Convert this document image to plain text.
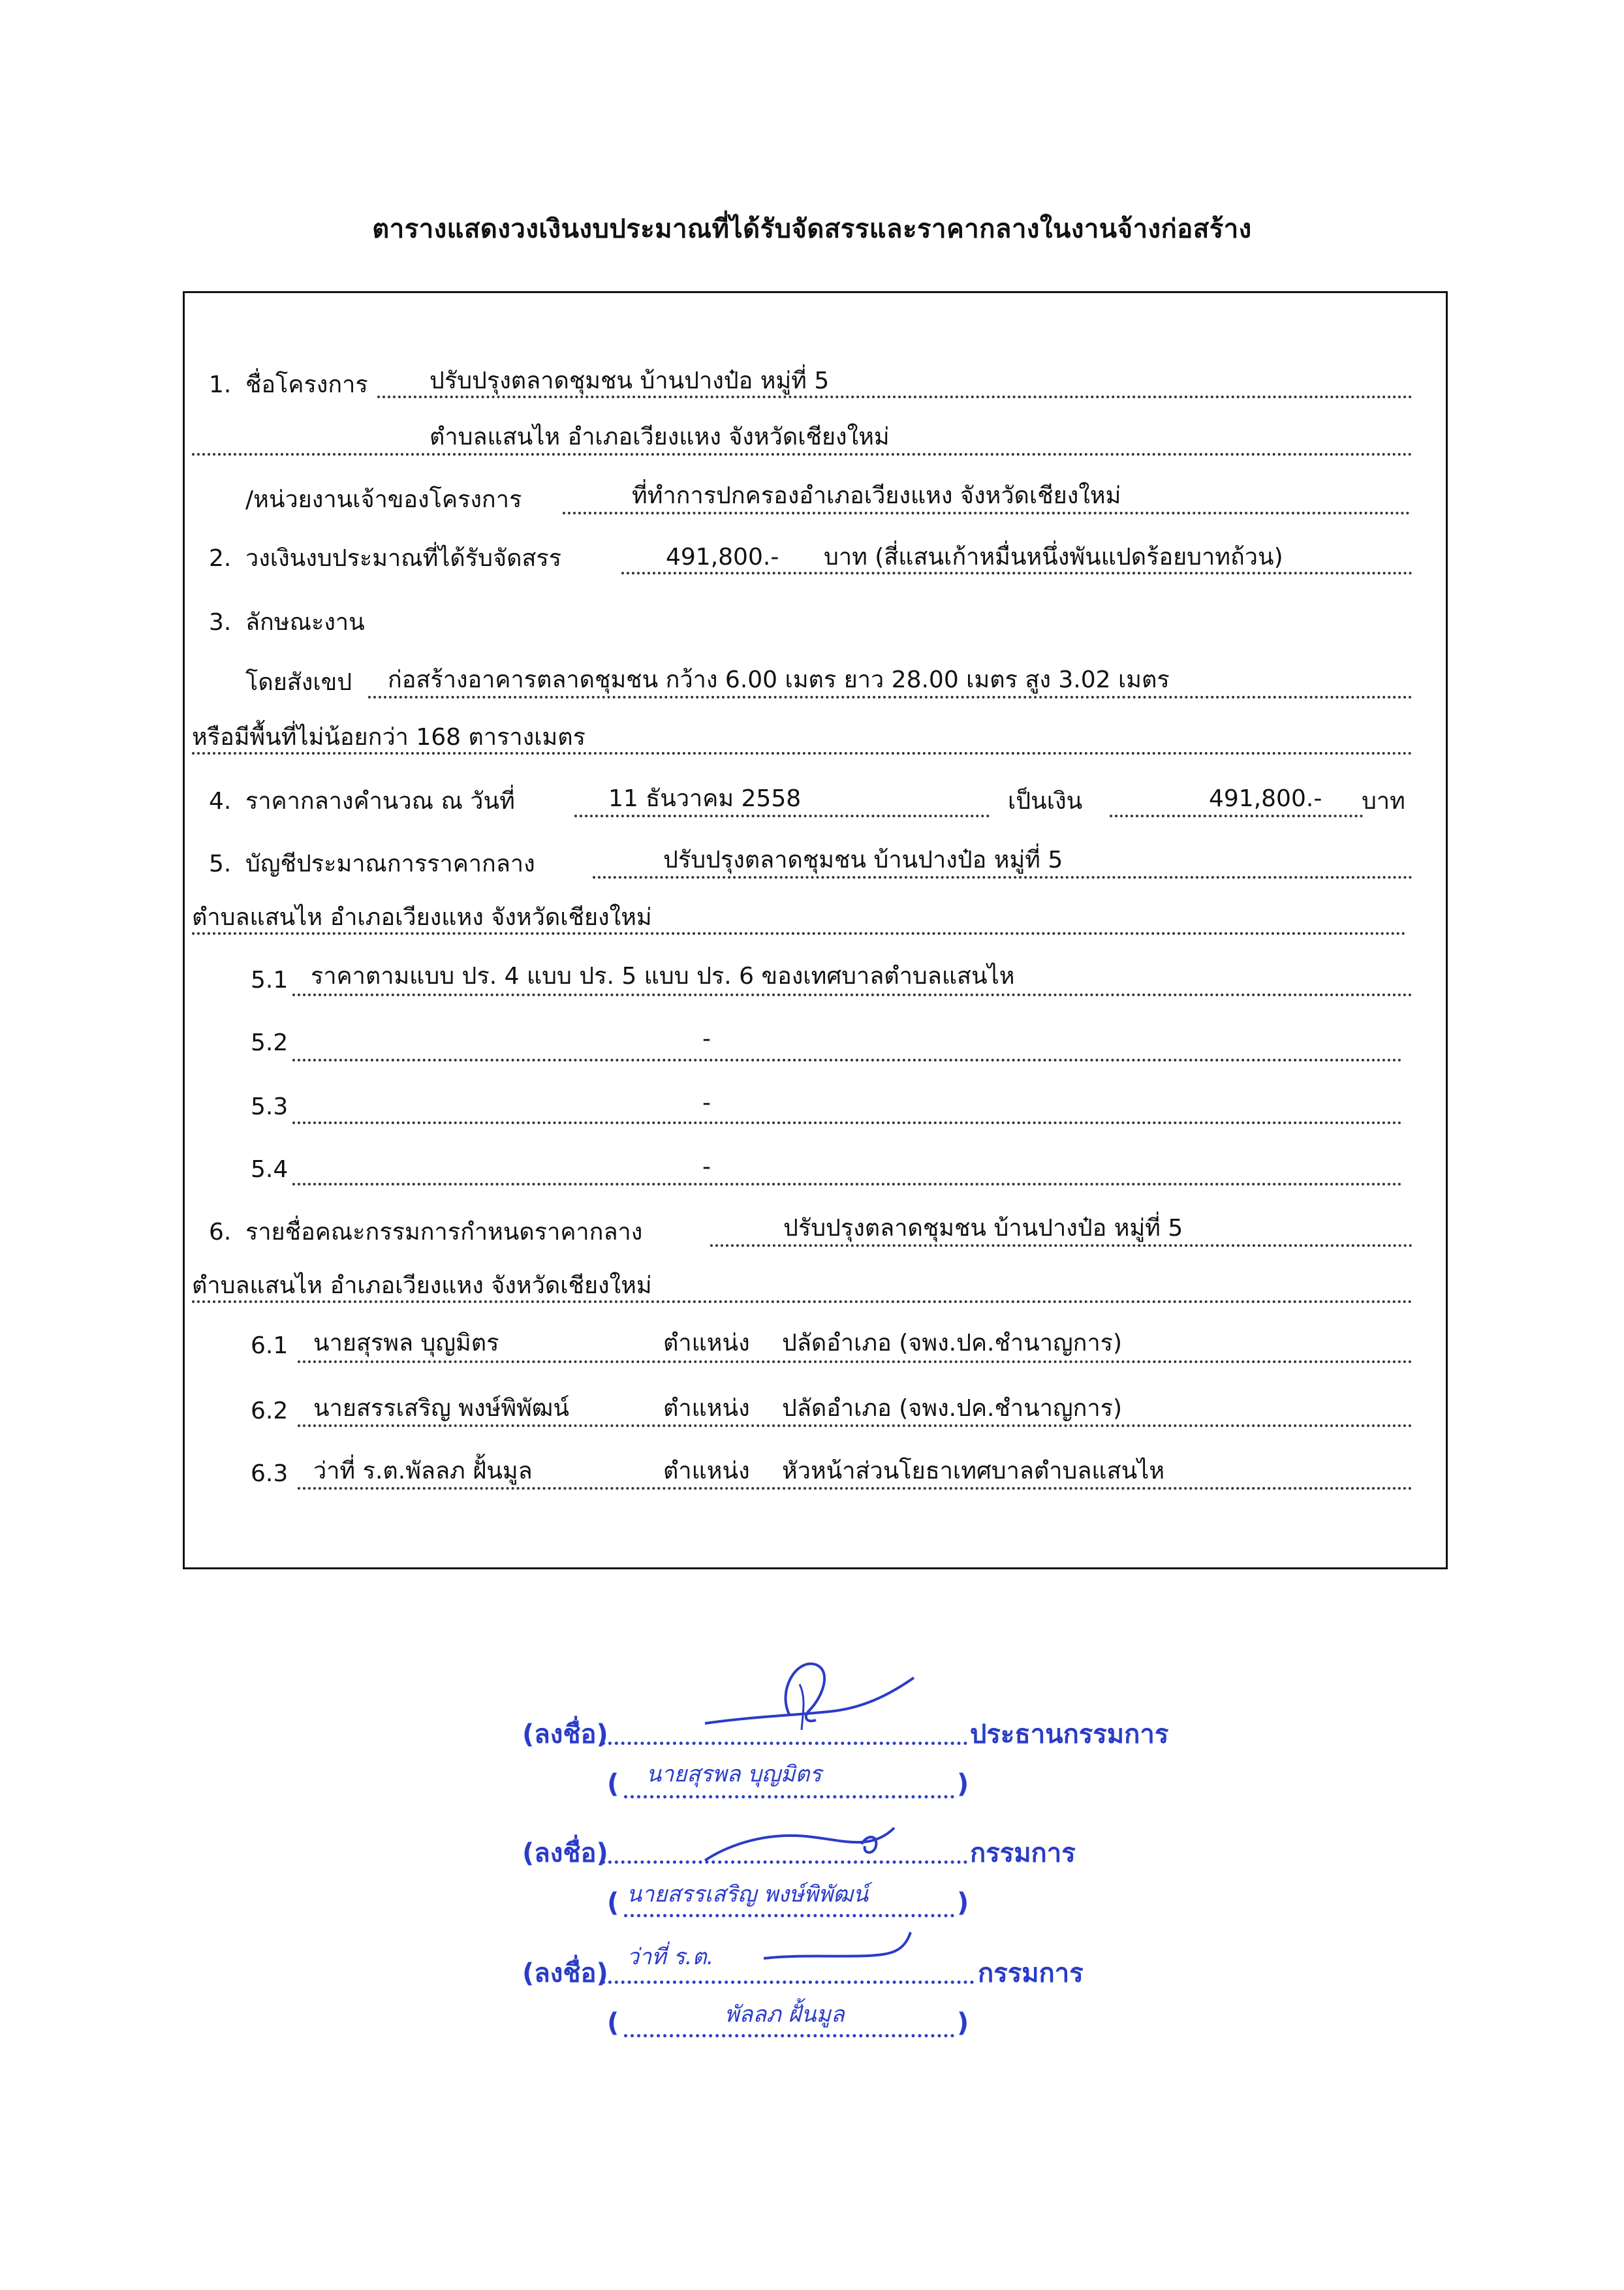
ตารางแสดงวงเงินงบประมาณที่ได้รับจัดสรรและราคากลางในงานจ้างก่อสร้าง
1. ชื่อโครงการ	ปรับปรุงตลาดชุมชน บ้านปางป๋อ หมู่ที่ 5
ตำบลแสนไห อำเภอเวียงแหง จังหวัดเชียงใหม่
/หน่วยงานเจ้าของโครงการ	ที่ทำการปกครองอำเภอเวียงแหง จังหวัดเชียงใหม่
2. วงเงินงบประมาณที่ได้รับจัดสรร	491,800.- บาท (สี่แสนเก้าหมื่นหนึ่งพันแปดร้อยบาทถ้วน)
3. ลักษณะงาน
โดยสังเขป ก่อสร้างอาคารตลาดชุมชน กว้าง 6.00 เมตร ยาว 28.00 เมตร สูง 3.02 เมตร
หรือมีพื้นที่ไม่น้อยกว่า 168 ตารางเมตร
4. ราคากลางคำนวณ ณ วันที่	11 ธันวาคม 2558	เป็นเงิน	491,800.- บาท
5. บัญชีประมาณการราคากลาง	ปรับปรุงตลาดชุมชน บ้านปางป๋อ หมู่ที่ 5
ตำบลแสนไห อำเภอเวียงแหง จังหวัดเชียงใหม่
5.1 ราคาตามแบบ ปร. 4 แบบ ปร. 5 แบบ ปร. 6 ของเทศบาลตำบลแสนไห
5.2	-
5.3	-
5.4	-
6. รายชื่อคณะกรรมการกำหนดราคากลาง	ปรับปรุงตลาดชุมชน บ้านปางป๋อ หมู่ที่ 5
ตำบลแสนไห อำเภอเวียงแหง จังหวัดเชียงใหม่
6.1 นายสุรพล บุญมิตร	ตำแหน่ง ปลัดอำเภอ (จพง.ปค.ชำนาญการ)
6.2 นายสรรเสริญ พงษ์พิพัฒน์	ตำแหน่ง ปลัดอำเภอ (จพง.ปค.ชำนาญการ)
6.3 ว่าที่ ร.ต.พัลลภ ฝั้นมูล	ตำแหน่ง หัวหน้าส่วนโยธาเทศบาลตำบลแสนไห
(ลงชื่อ)	ประธานกรรมการ
(	)
นายสุรพล บุญมิตร
(ลงชื่อ)	กรรมการ
(	)
นายสรรเสริญ พงษ์พิพัฒน์
(ลงชื่อ)	กรรมการ
ว่าที่ ร.ต.
(	)
พัลลภ ฝั้นมูล
